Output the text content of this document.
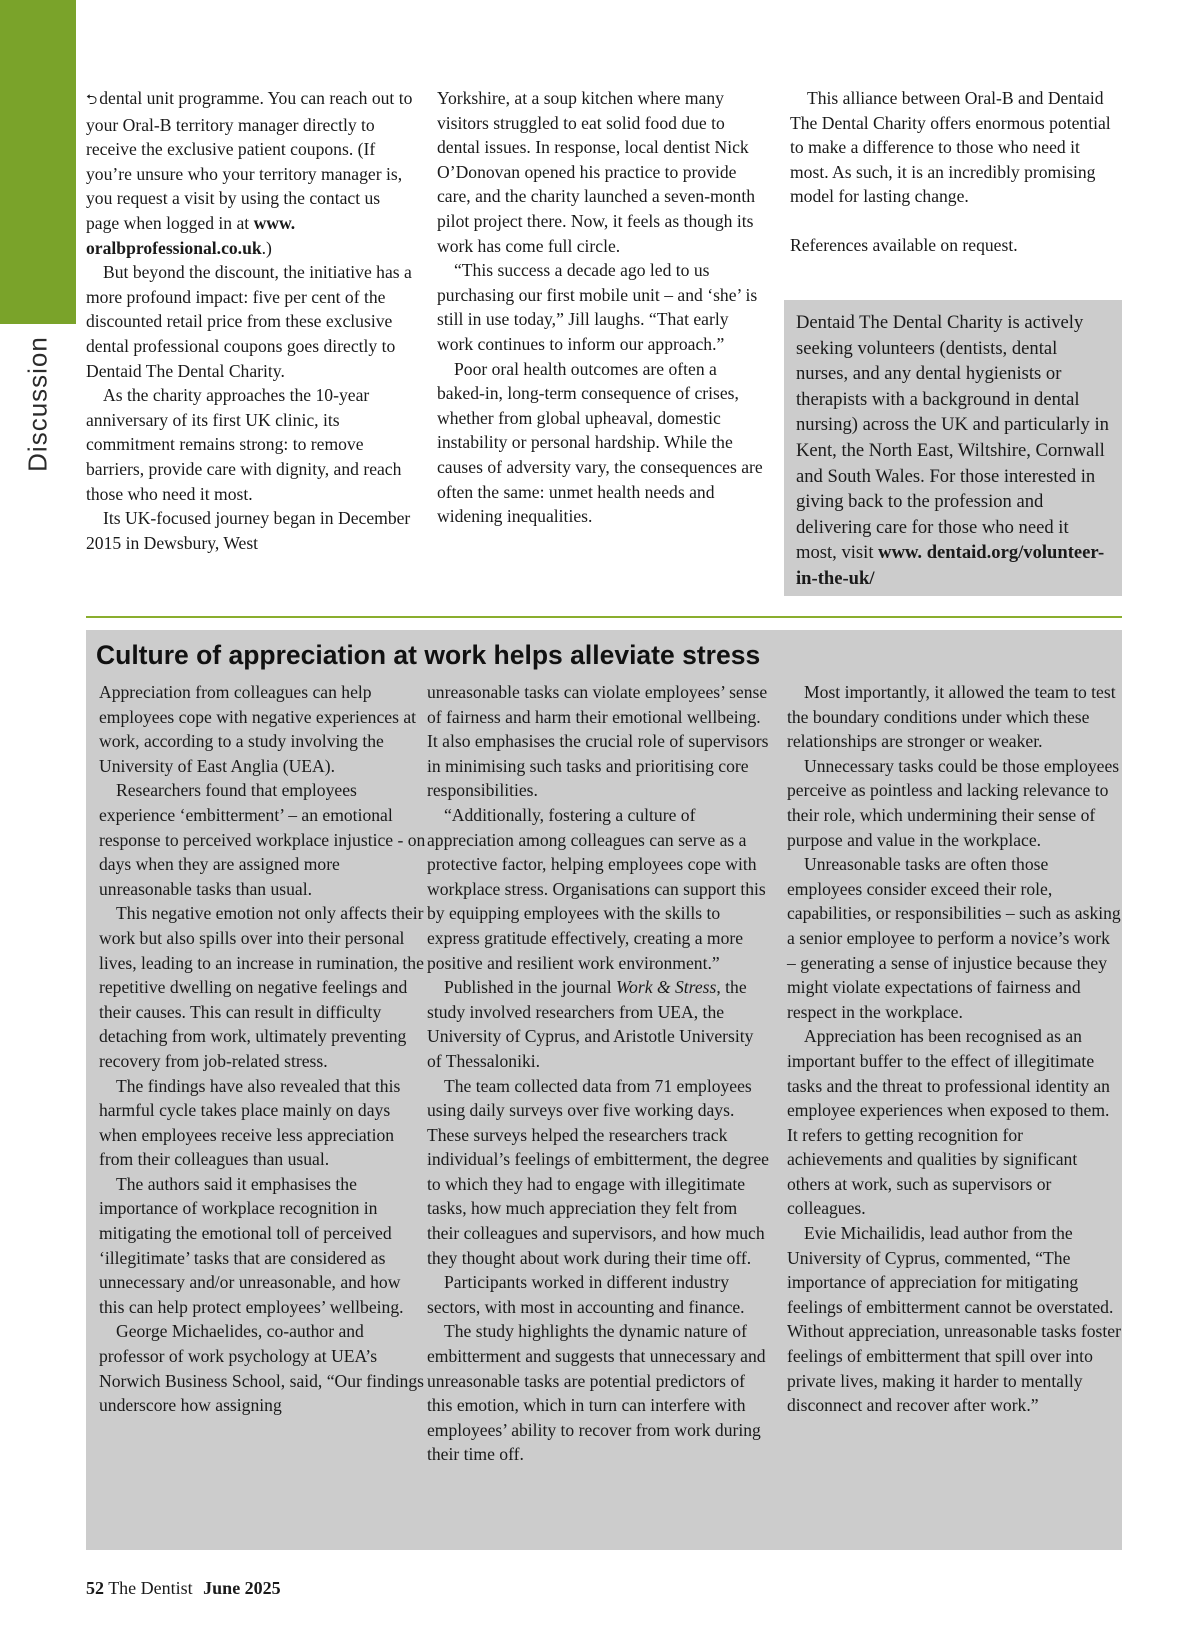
Discussion

⮌ dental unit programme. You can reach out to your Oral-B territory manager directly to receive the exclusive patient coupons. (If you’re unsure who your territory manager is, you request a visit by using the contact us page when logged in at www. oralbprofessional.co.uk.)

But beyond the discount, the initiative has a more profound impact: five per cent of the discounted retail price from these exclusive dental professional coupons goes directly to Dentaid The Dental Charity.

As the charity approaches the 10-year anniversary of its first UK clinic, its commitment remains strong: to remove barriers, provide care with dignity, and reach those who need it most.

Its UK-focused journey began in December 2015 in Dewsbury, West

Yorkshire, at a soup kitchen where many visitors struggled to eat solid food due to dental issues. In response, local dentist Nick O’Donovan opened his practice to provide care, and the charity launched a seven-month pilot project there. Now, it feels as though its work has come full circle.

“This success a decade ago led to us purchasing our first mobile unit – and ‘she’ is still in use today,” Jill laughs. “That early work continues to inform our approach.”

Poor oral health outcomes are often a baked-in, long-term consequence of crises, whether from global upheaval, domestic instability or personal hardship. While the causes of adversity vary, the consequences are often the same: unmet health needs and widening inequalities.

This alliance between Oral-B and Dentaid The Dental Charity offers enormous potential to make a difference to those who need it most. As such, it is an incredibly promising model for lasting change.

References available on request.

Dentaid The Dental Charity is actively seeking volunteers (dentists, dental nurses, and any dental hygienists or therapists with a background in dental nursing) across the UK and particularly in Kent, the North East, Wiltshire, Cornwall and South Wales. For those interested in giving back to the profession and delivering care for those who need it most, visit www. dentaid.org/volunteer-in-the-uk/
Culture of appreciation at work helps alleviate stress

Appreciation from colleagues can help employees cope with negative experiences at work, according to a study involving the University of East Anglia (UEA).

Researchers found that employees experience ‘embitterment’ – an emotional response to perceived workplace injustice - on days when they are assigned more unreasonable tasks than usual.

This negative emotion not only affects their work but also spills over into their personal lives, leading to an increase in rumination, the repetitive dwelling on negative feelings and their causes. This can result in difficulty detaching from work, ultimately preventing recovery from job-related stress.

The findings have also revealed that this harmful cycle takes place mainly on days when employees receive less appreciation from their colleagues than usual.

The authors said it emphasises the importance of workplace recognition in mitigating the emotional toll of perceived ‘illegitimate’ tasks that are considered as unnecessary and/or unreasonable, and how this can help protect employees’ wellbeing.

George Michaelides, co-author and professor of work psychology at UEA’s Norwich Business School, said, “Our findings underscore how assigning

unreasonable tasks can violate employees’ sense of fairness and harm their emotional wellbeing. It also emphasises the crucial role of supervisors in minimising such tasks and prioritising core responsibilities.

“Additionally, fostering a culture of appreciation among colleagues can serve as a protective factor, helping employees cope with workplace stress. Organisations can support this by equipping employees with the skills to express gratitude effectively, creating a more positive and resilient work environment.”

Published in the journal Work & Stress, the study involved researchers from UEA, the University of Cyprus, and Aristotle University of Thessaloniki.

The team collected data from 71 employees using daily surveys over five working days. These surveys helped the researchers track individual’s feelings of embitterment, the degree to which they had to engage with illegitimate tasks, how much appreciation they felt from their colleagues and supervisors, and how much they thought about work during their time off.

Participants worked in different industry sectors, with most in accounting and finance.

The study highlights the dynamic nature of embitterment and suggests that unnecessary and unreasonable tasks are potential predictors of this emotion, which in turn can interfere with employees’ ability to recover from work during their time off.

Most importantly, it allowed the team to test the boundary conditions under which these relationships are stronger or weaker.

Unnecessary tasks could be those employees perceive as pointless and lacking relevance to their role, which undermining their sense of purpose and value in the workplace.

Unreasonable tasks are often those employees consider exceed their role, capabilities, or responsibilities – such as asking a senior employee to perform a novice’s work – generating a sense of injustice because they might violate expectations of fairness and respect in the workplace.

Appreciation has been recognised as an important buffer to the effect of illegitimate tasks and the threat to professional identity an employee experiences when exposed to them. It refers to getting recognition for achievements and qualities by significant others at work, such as supervisors or colleagues.

Evie Michailidis, lead author from the University of Cyprus, commented, “The importance of appreciation for mitigating feelings of embitterment cannot be overstated. Without appreciation, unreasonable tasks foster feelings of embitterment that spill over into private lives, making it harder to mentally disconnect and recover after work.”

52 The Dentist June 2025
